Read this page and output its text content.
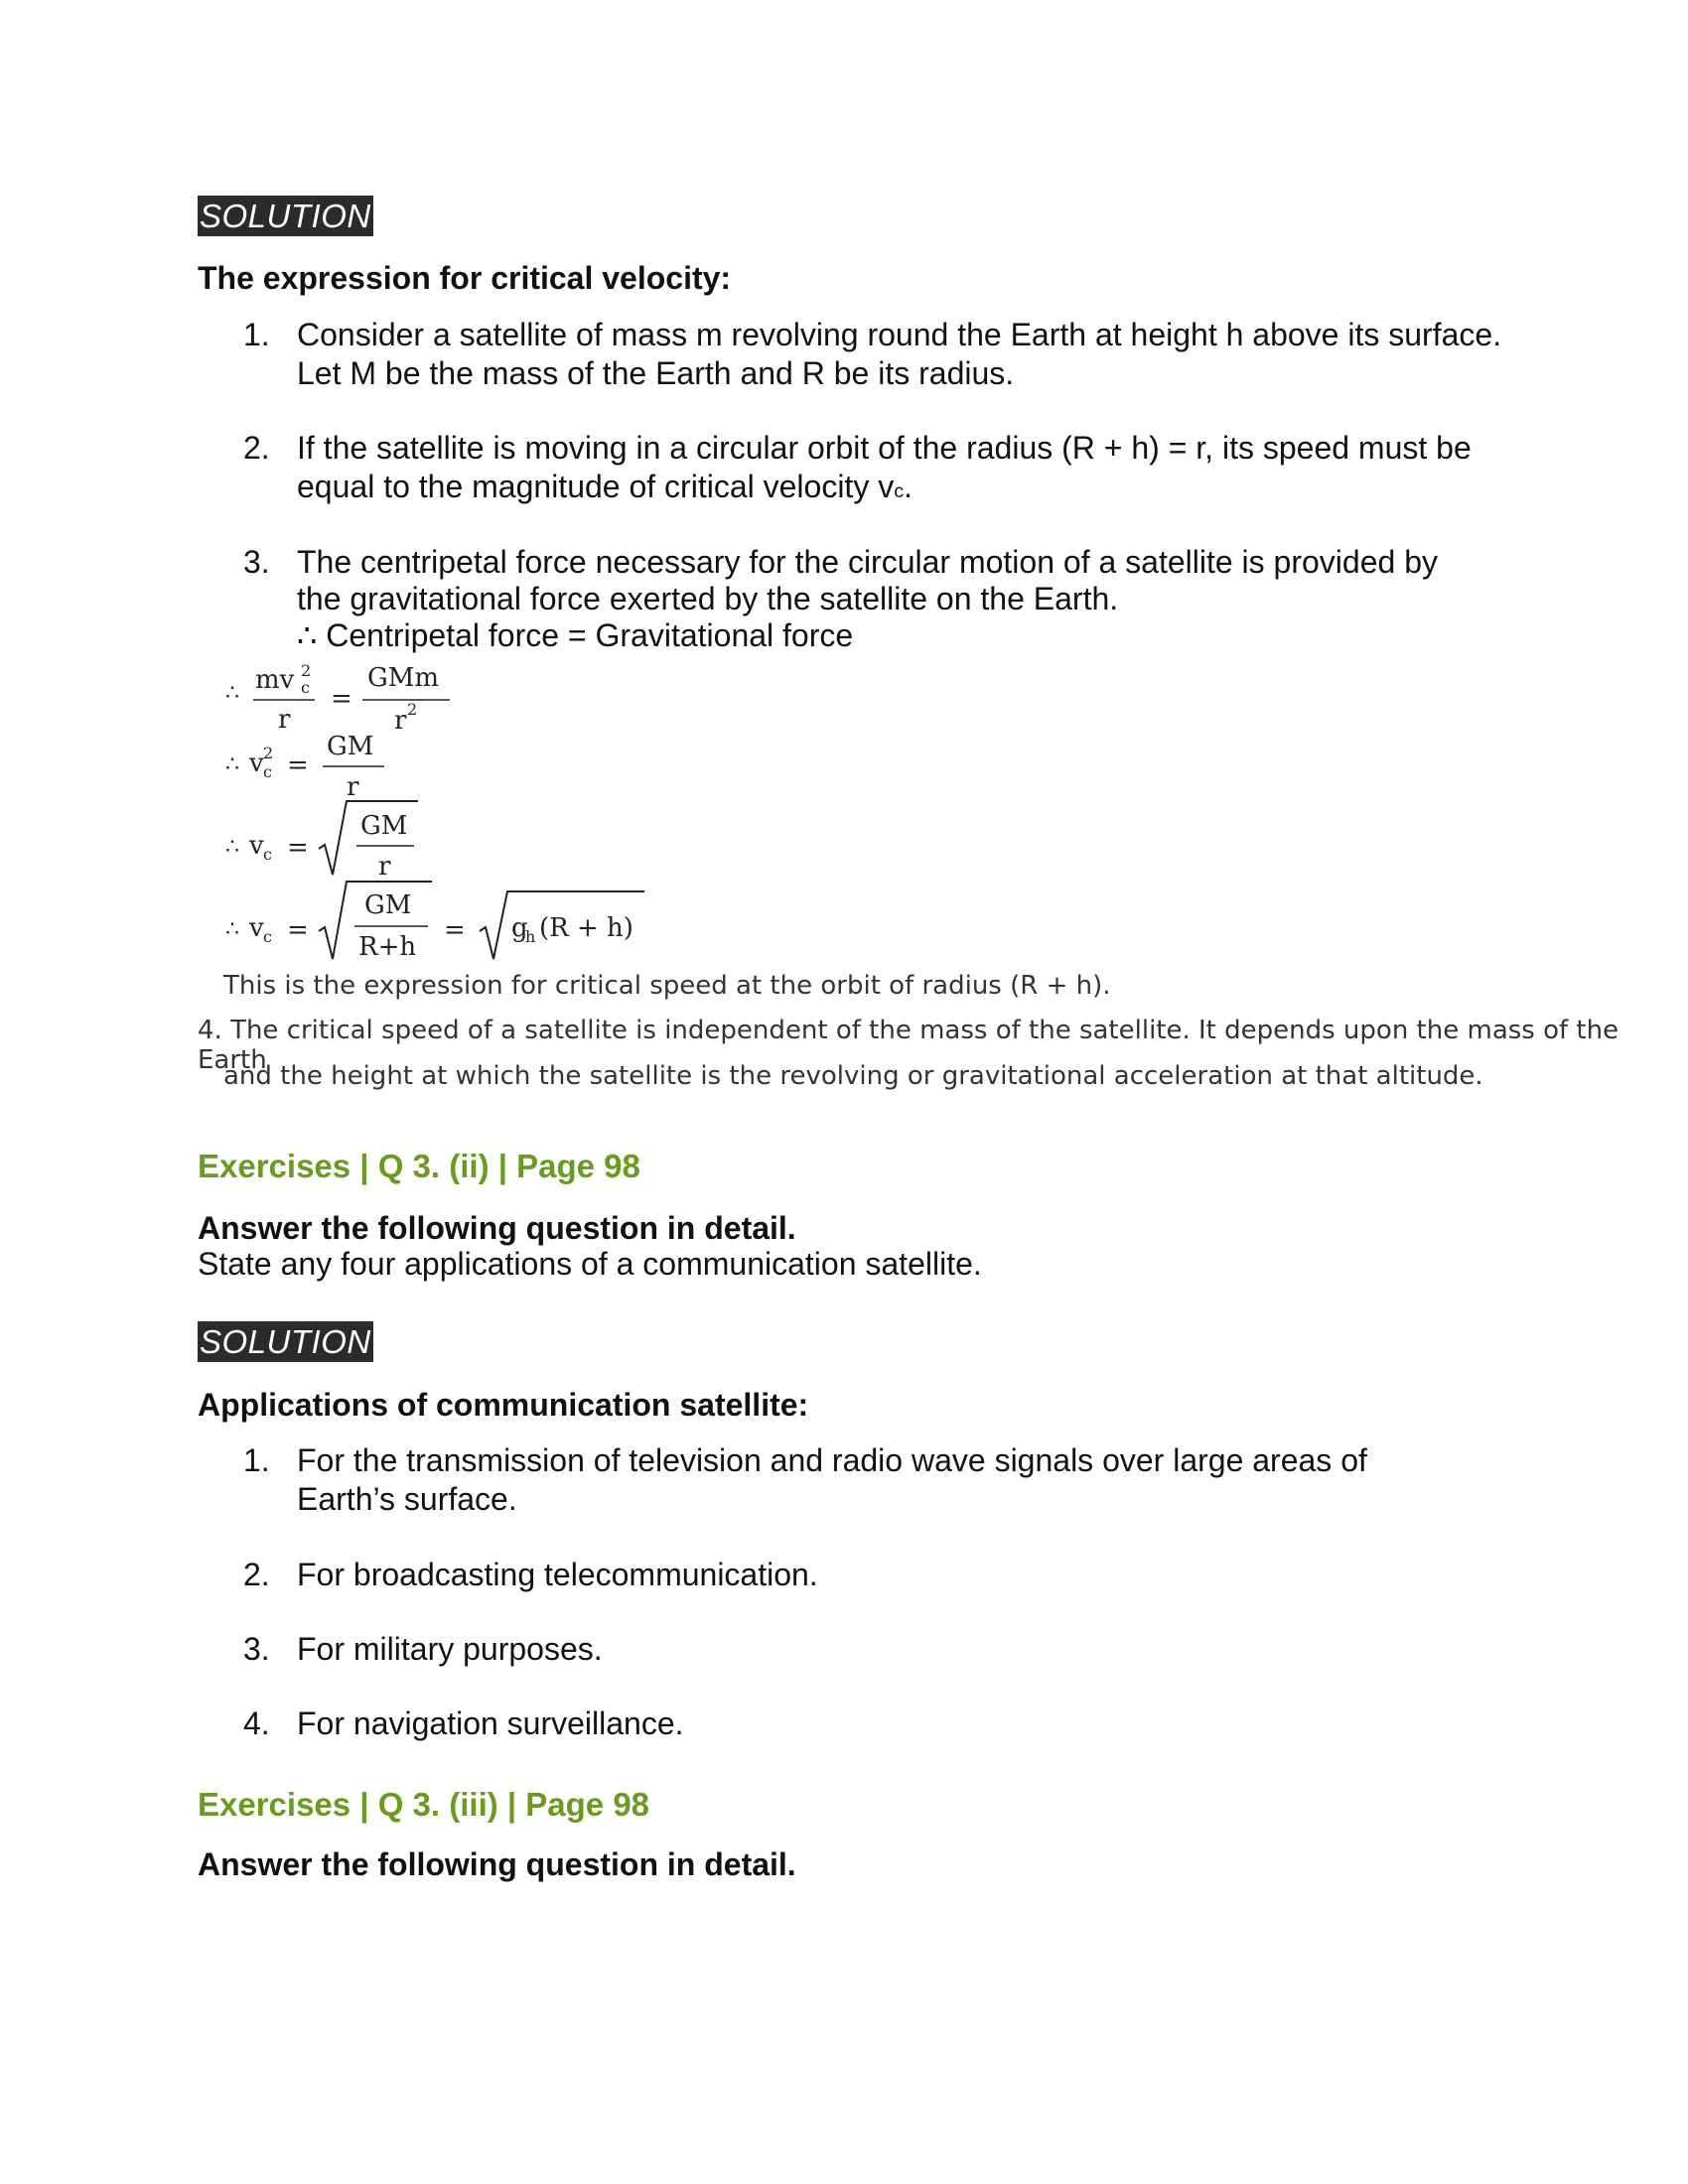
SOLUTION
The expression for critical velocity:
1. Consider a satellite of mass m revolving round the Earth at height h above its surface. Let M be the mass of the Earth and R be its radius.
2. If the satellite is moving in a circular orbit of the radius (R + h) = r, its speed must be equal to the magnitude of critical velocity vc.
3. The centripetal force necessary for the circular motion of a satellite is provided by
the gravitational force exerted by the satellite on the Earth.
∴ Centripetal force = Gravitational force
∴ mv 2
c
r
=
GMm
r 2
∴ v 2
c =
GM
r
∴ v c =
GM
r
∴ v c =
GM
R+h
= g
h (R + h)
This is the expression for critical speed at the orbit of radius (R + h).
4. The critical speed of a satellite is independent of the mass of the satellite. It depends upon the mass of the Earth
and the height at which the satellite is the revolving or gravitational acceleration at that altitude.
Exercises | Q 3. (ii) | Page 98
Answer the following question in detail.
State any four applications of a communication satellite.
SOLUTION
Applications of communication satellite:
1. For the transmission of television and radio wave signals over large areas of
Earth’s surface.
2. For broadcasting telecommunication.
3. For military purposes.
4. For navigation surveillance.
Exercises | Q 3. (iii) | Page 98
Answer the following question in detail.
